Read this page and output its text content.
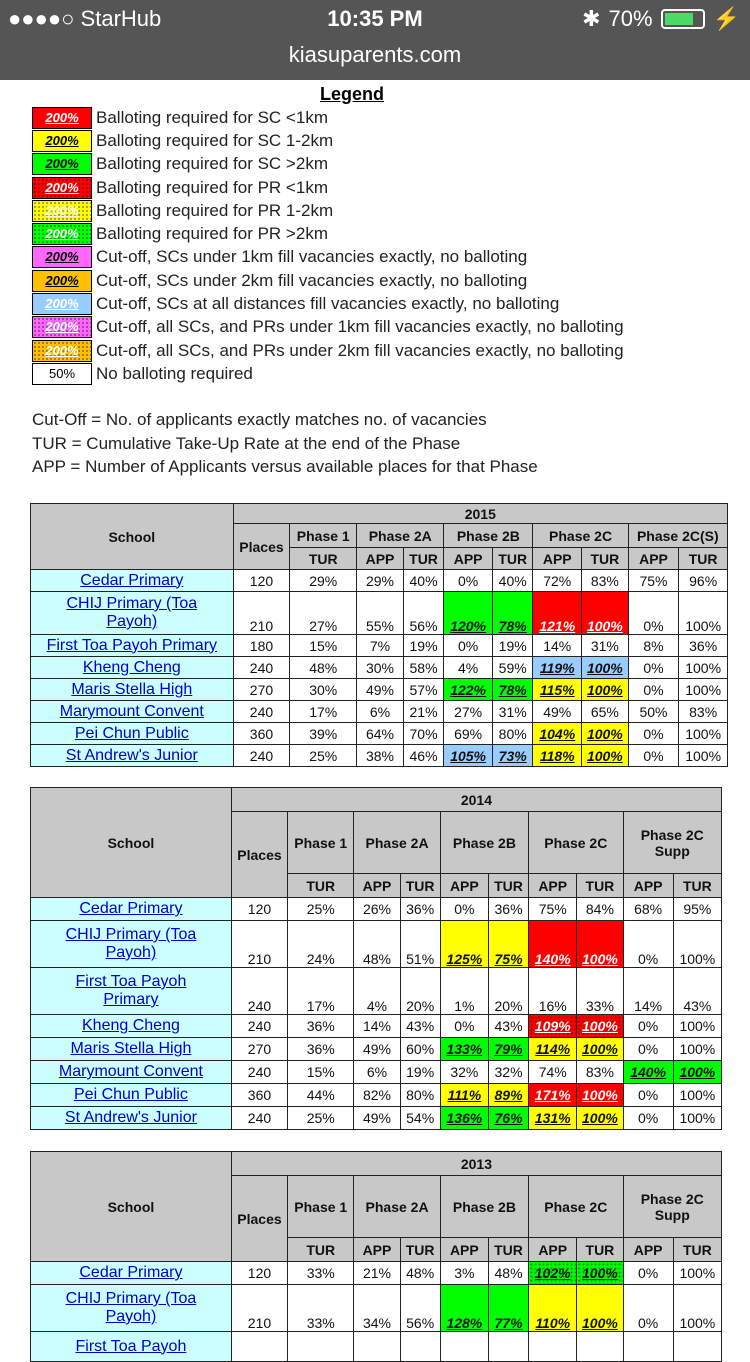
●●●●○ StarHub	10:35 PM	✱ 70%	⚡
kiasuparents.com
Legend
200%	Balloting required for SC <1km
200%	Balloting required for SC 1-2km
200%	Balloting required for SC >2km
200%	Balloting required for PR <1km
200%	Balloting required for PR 1-2km
200%	Balloting required for PR >2km
200%	Cut-off, SCs under 1km fill vacancies exactly, no balloting
200%	Cut-off, SCs under 2km fill vacancies exactly, no balloting
200%	Cut-off, SCs at all distances fill vacancies exactly, no balloting
200%	Cut-off, all SCs, and PRs under 1km fill vacancies exactly, no balloting
200%	Cut-off, all SCs, and PRs under 2km fill vacancies exactly, no balloting
50%	No balloting required
Cut-Off = No. of applicants exactly matches no. of vacancies
TUR = Cumulative Take-Up Rate at the end of the Phase
APP = Number of Applicants versus available places for that Phase
School	2015									
	Places	Phase 1	Phase 2A		Phase 2B		Phase 2C		Phase 2C(S)	
		TUR	APP	TUR	APP	TUR	APP	TUR	APP	TUR

Cedar Primary	120	29%	29%	40%	0%	40%	72%	83%	75%	96%

CHIJ Primary (Toa
Payoh)	210	27%	55%	56%	120%	78%	121%	100%	0%	100%

First Toa Payoh Primary	180	15%	7%	19%	0%	19%	14%	31%	8%	36%

Kheng Cheng	240	48%	30%	58%	4%	59%	119%	100%	0%	100%

Maris Stella High	270	30%	49%	57%	122%	78%	115%	100%	0%	100%

Marymount Convent	240	17%	6%	21%	27%	31%	49%	65%	50%	83%

Pei Chun Public	360	39%	64%	70%	69%	80%	104%	100%	0%	100%

St Andrew's Junior	240	25%	38%	46%	105%	73%	118%	100%	0%	100%
School	2014									
	Places	Phase 1	Phase 2A		Phase 2B		Phase 2C		Phase 2C
Supp	

		TUR	APP	TUR	APP	TUR	APP	TUR	APP	TUR

Cedar Primary	120	25%	26%	36%	0%	36%	75%	84%	68%	95%

CHIJ Primary (Toa
Payoh)	210	24%	48%	51%	125%	75%	140%	100%	0%	100%

First Toa Payoh
Primary	240	17%	4%	20%	1%	20%	16%	33%	14%	43%

Kheng Cheng	240	36%	14%	43%	0%	43%	109%	100%	0%	100%

Maris Stella High	270	36%	49%	60%	133%	79%	114%	100%	0%	100%

Marymount Convent	240	15%	6%	19%	32%	32%	74%	83%	140%	100%

Pei Chun Public	360	44%	82%	80%	111%	89%	171%	100%	0%	100%

St Andrew's Junior	240	25%	49%	54%	136%	76%	131%	100%	0%	100%
School	2013									
	Places	Phase 1	Phase 2A		Phase 2B		Phase 2C		Phase 2C
Supp	

		TUR	APP	TUR	APP	TUR	APP	TUR	APP	TUR

Cedar Primary	120	33%	21%	48%	3%	48%	102%	100%	0%	100%

CHIJ Primary (Toa
Payoh)	210	33%	34%	56%	128%	77%	110%	100%	0%	100%

First Toa Payoh										
